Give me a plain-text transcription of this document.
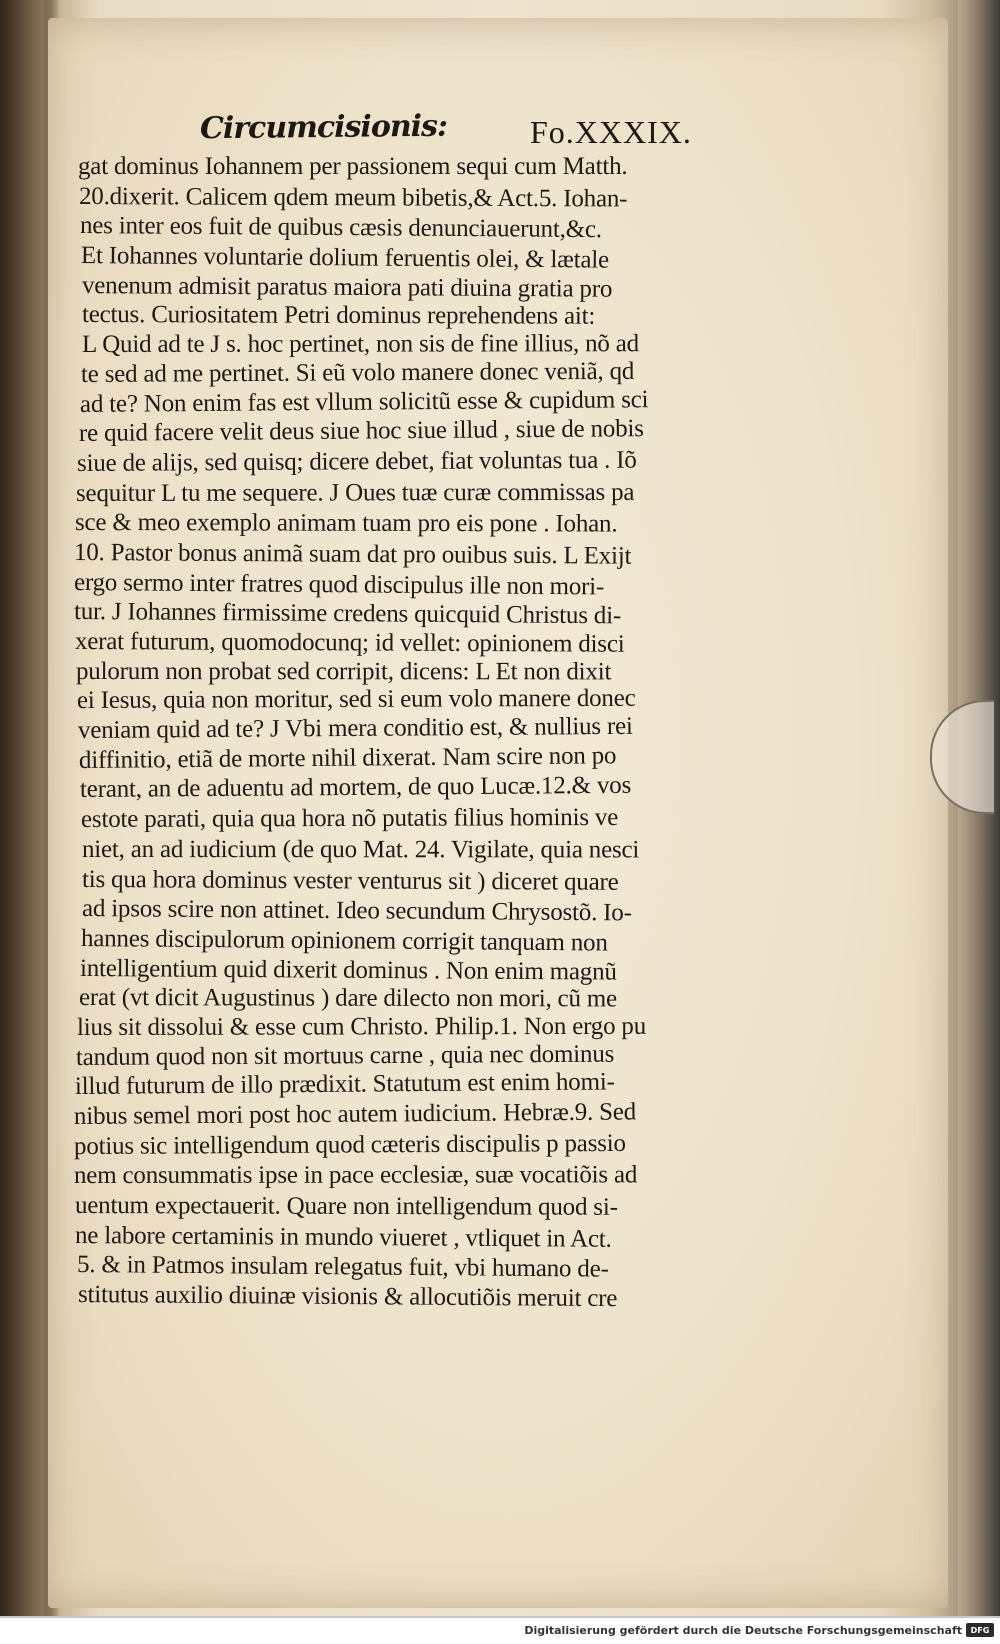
Circumcisionis:	Fo.XXXIX.
gat dominus Iohannem per passionem sequi cum Matth.
20.dixerit. Calicem qdem meum bibetis,& Act.5. Iohan-
nes inter eos fuit de quibus cæsis denunciauerunt,&c.
Et Iohannes voluntarie dolium feruentis olei, & lætale
venenum admisit paratus maiora pati diuina gratia pro
tectus. Curiositatem Petri dominus reprehendens ait:
L Quid ad te J s. hoc pertinet, non sis de fine illius, nõ ad
te sed ad me pertinet. Si eũ volo manere donec veniã, qd
ad te? Non enim fas est vllum solicitũ esse & cupidum sci
re quid facere velit deus siue hoc siue illud , siue de nobis
siue de alijs, sed quisq; dicere debet, fiat voluntas tua . Iõ
sequitur L tu me sequere. J Oues tuæ curæ commissas pa
sce & meo exemplo animam tuam pro eis pone . Iohan.
10. Pastor bonus animã suam dat pro ouibus suis. L Exijt
ergo sermo inter fratres quod discipulus ille non mori-
tur. J Iohannes firmissime credens quicquid Christus di-
xerat futurum, quomodocunq; id vellet: opinionem disci
pulorum non probat sed corripit, dicens: L Et non dixit
ei Iesus, quia non moritur, sed si eum volo manere donec
veniam quid ad te? J Vbi mera conditio est, & nullius rei
diffinitio, etiã de morte nihil dixerat. Nam scire non po
terant, an de aduentu ad mortem, de quo Lucæ.12.& vos
estote parati, quia qua hora nõ putatis filius hominis ve
niet, an ad iudicium (de quo Mat. 24. Vigilate, quia nesci
tis qua hora dominus vester venturus sit ) diceret quare
ad ipsos scire non attinet. Ideo secundum Chrysostõ. Io-
hannes discipulorum opinionem corrigit tanquam non
intelligentium quid dixerit dominus . Non enim magnũ
erat (vt dicit Augustinus ) dare dilecto non mori, cũ me
lius sit dissolui & esse cum Christo. Philip.1. Non ergo pu
tandum quod non sit mortuus carne , quia nec dominus
illud futurum de illo prædixit. Statutum est enim homi-
nibus semel mori post hoc autem iudicium. Hebræ.9. Sed
potius sic intelligendum quod cæteris discipulis p passio
nem consummatis ipse in pace ecclesiæ, suæ vocatiõis ad
uentum expectauerit. Quare non intelligendum quod si-
ne labore certaminis in mundo viueret , vtliquet in Act.
5. & in Patmos insulam relegatus fuit, vbi humano de-
stitutus auxilio diuinæ visionis & allocutiõis meruit cre
Digitalisierung gefördert durch die Deutsche Forschungsgemeinschaft	DFG
